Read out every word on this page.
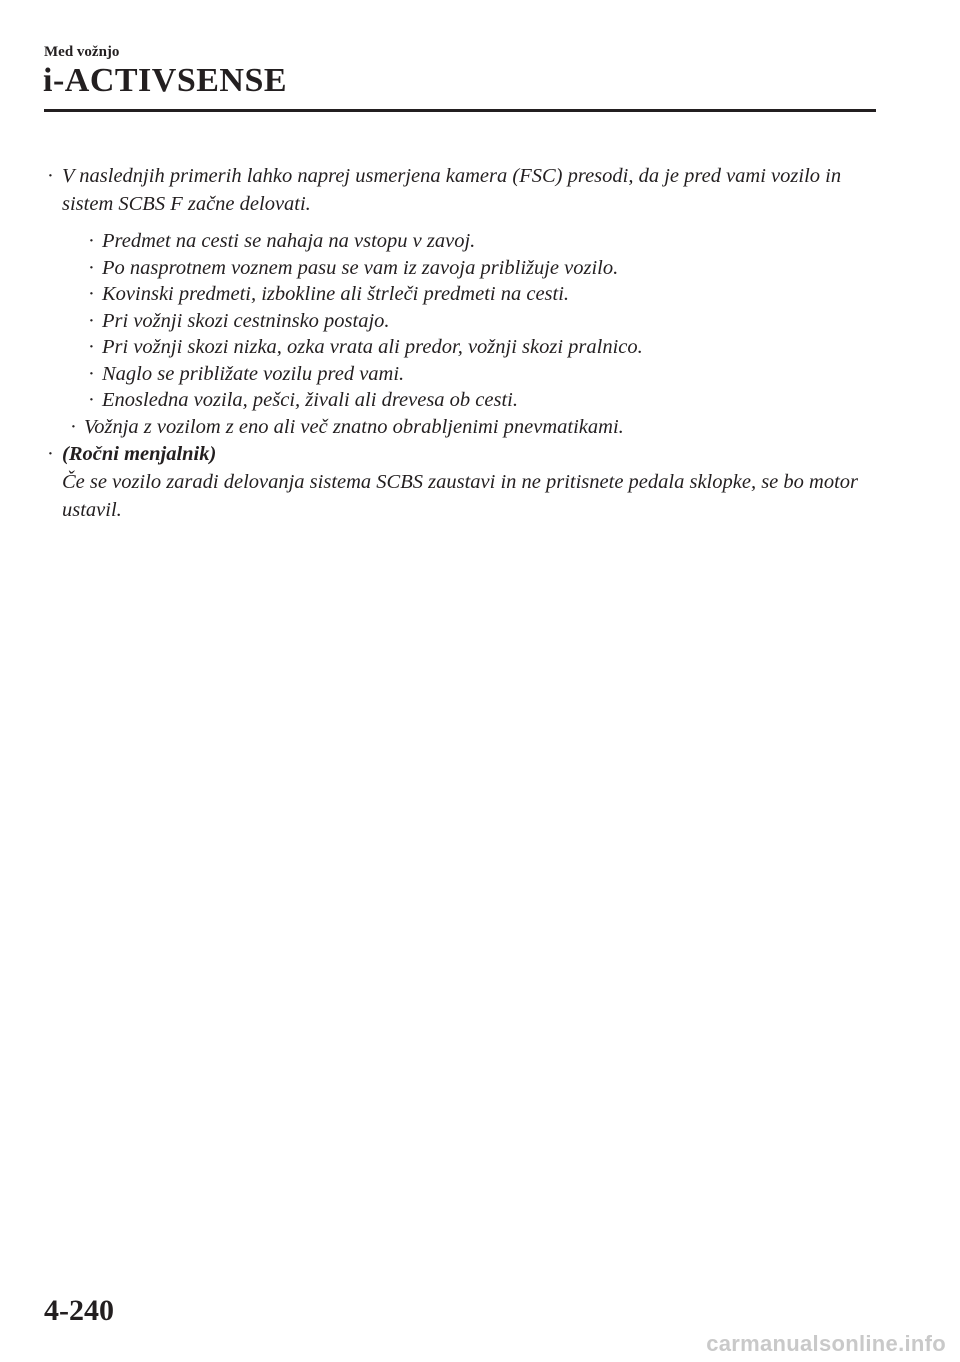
Med vožnjo
i-ACTIVSENSE
· V naslednjih primerih lahko naprej usmerjena kamera (FSC) presodi, da je pred vami vozilo in sistem SCBS F začne delovati.
· Predmet na cesti se nahaja na vstopu v zavoj.
· Po nasprotnem voznem pasu se vam iz zavoja približuje vozilo.
· Kovinski predmeti, izbokline ali štrleči predmeti na cesti.
· Pri vožnji skozi cestninsko postajo.
· Pri vožnji skozi nizka, ozka vrata ali predor, vožnji skozi pralnico.
· Naglo se približate vozilu pred vami.
· Enosledna vozila, pešci, živali ali drevesa ob cesti.
· Vožnja z vozilom z eno ali več znatno obrabljenimi pnevmatikami.
· (Ročni menjalnik)
Če se vozilo zaradi delovanja sistema SCBS zaustavi in ne pritisnete pedala sklopke, se bo motor ustavil.
4-240
carmanualsonline.info
